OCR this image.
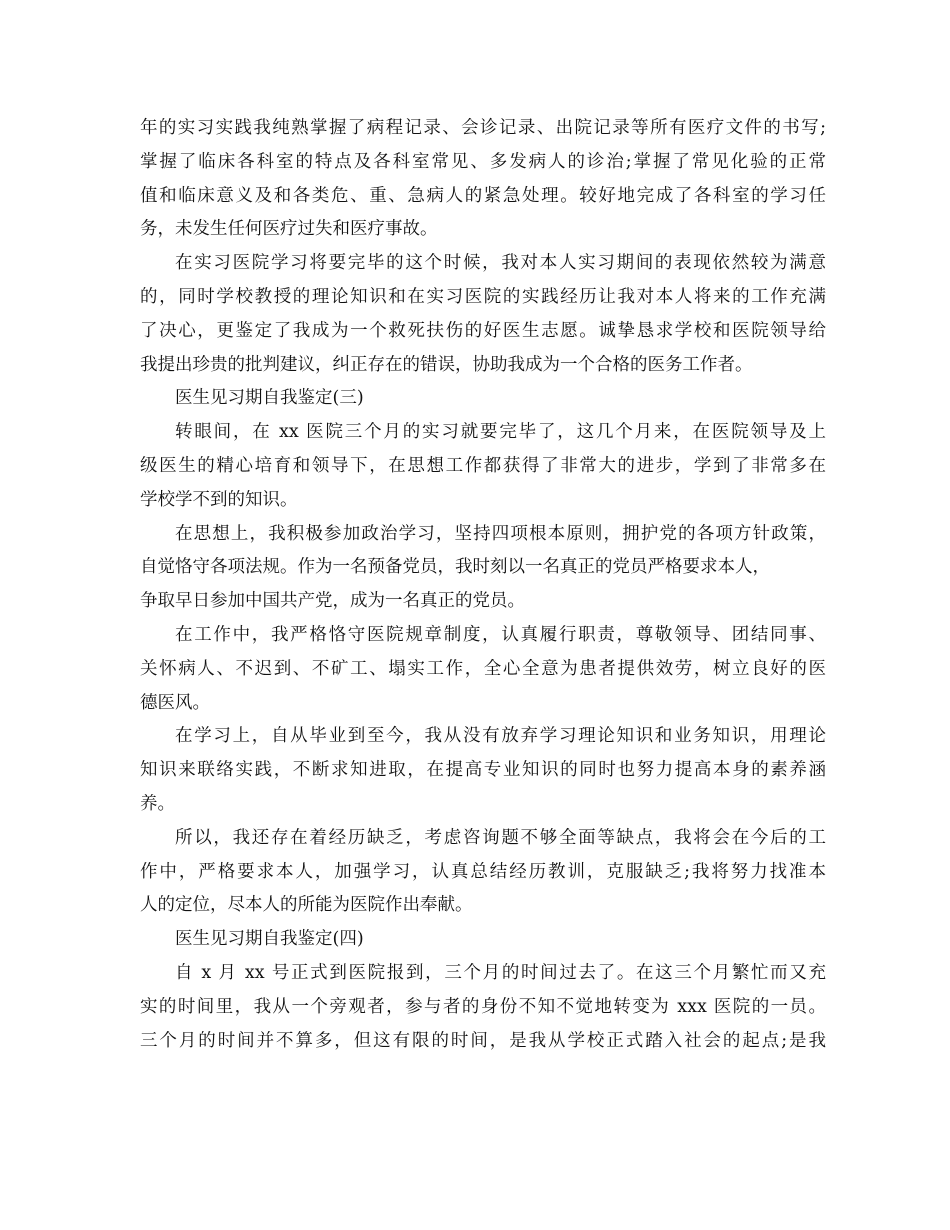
年的实习实践我纯熟掌握了病程记录、会诊记录、出院记录等所有医疗文件的书写;
掌握了临床各科室的特点及各科室常见、多发病人的诊治;掌握了常见化验的正常
值和临床意义及和各类危、重、急病人的紧急处理。较好地完成了各科室的学习任
务，未发生任何医疗过失和医疗事故。
在实习医院学习将要完毕的这个时候，我对本人实习期间的表现依然较为满意
的，同时学校教授的理论知识和在实习医院的实践经历让我对本人将来的工作充满
了决心，更鉴定了我成为一个救死扶伤的好医生志愿。诚挚恳求学校和医院领导给
我提出珍贵的批判建议，纠正存在的错误，协助我成为一个合格的医务工作者。
医生见习期自我鉴定(三)
转眼间，在 xx 医院三个月的实习就要完毕了，这几个月来，在医院领导及上
级医生的精心培育和领导下，在思想工作都获得了非常大的进步，学到了非常多在
学校学不到的知识。
在思想上，我积极参加政治学习，坚持四项根本原则，拥护党的各项方针政策，
自觉恪守各项法规。作为一名预备党员，我时刻以一名真正的党员严格要求本人，
争取早日参加中国共产党，成为一名真正的党员。
在工作中，我严格恪守医院规章制度，认真履行职责，尊敬领导、团结同事、
关怀病人、不迟到、不矿工、塌实工作，全心全意为患者提供效劳，树立良好的医
德医风。
在学习上，自从毕业到至今，我从没有放弃学习理论知识和业务知识，用理论
知识来联络实践，不断求知进取，在提高专业知识的同时也努力提高本身的素养涵
养。
所以，我还存在着经历缺乏，考虑咨询题不够全面等缺点，我将会在今后的工
作中，严格要求本人，加强学习，认真总结经历教训，克服缺乏;我将努力找准本
人的定位，尽本人的所能为医院作出奉献。
医生见习期自我鉴定(四)
自 x 月 xx 号正式到医院报到，三个月的时间过去了。在这三个月繁忙而又充
实的时间里，我从一个旁观者，参与者的身份不知不觉地转变为 xxx 医院的一员。
三个月的时间并不算多，但这有限的时间，是我从学校正式踏入社会的起点;是我
